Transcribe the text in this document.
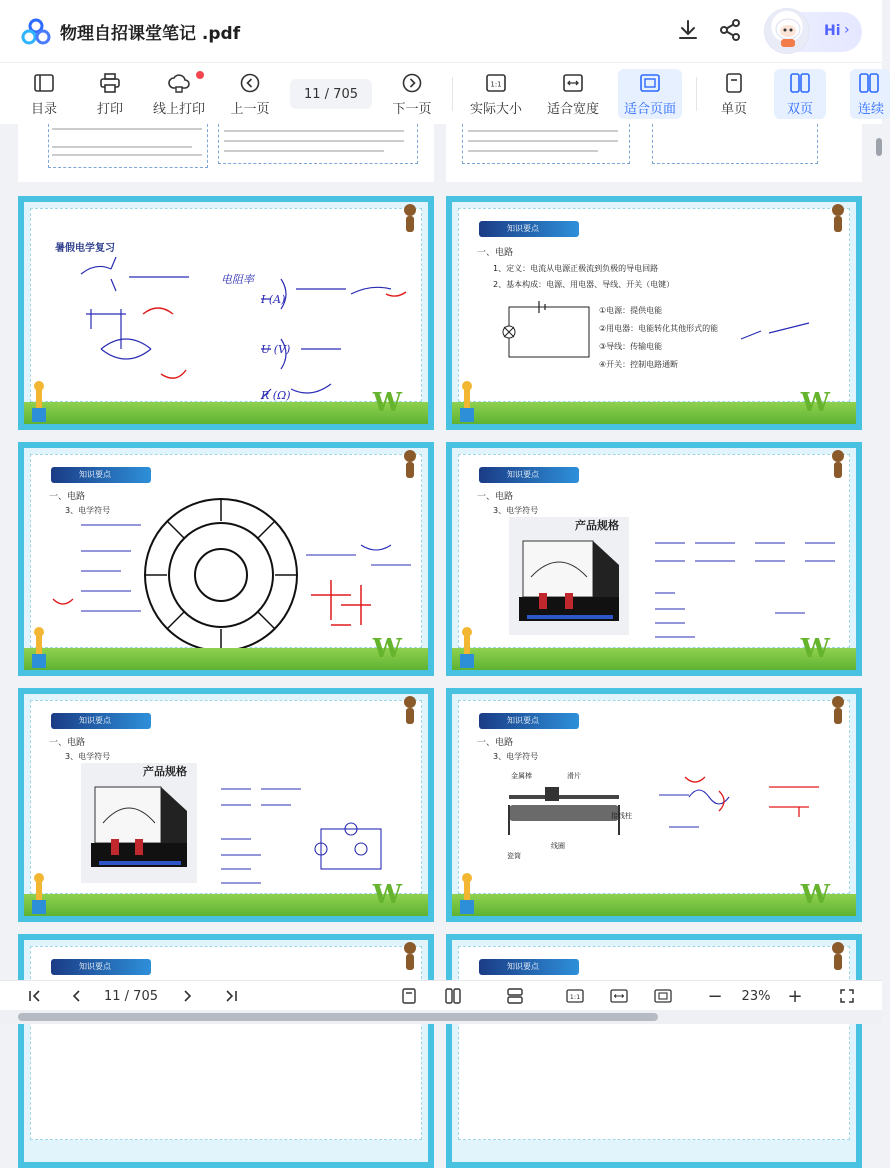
物理自招课堂笔记 .pdf	Hi ›
目录	打印 线上打印 上一页
11 / 705
下一页
1:1
实际大小 适合宽度 适合页面	单页	双页	连续
暑假电学复习
电阻率
I (A)
U (V)
R (Ω)	W
知识要点
一、电路
1、定义：电流从电源正极流到负极的导电回路
2、基本构成：电源、用电器、导线、开关（电键）
①电源：提供电能
②用电器：电能转化其他形式的能
③导线：传输电能
④开关：控制电路通断
W
知识要点
一、电路
3、电学符号
W
知识要点
一、电路
3、电学符号
产品规格
W
知识要点
一、电路
3、电学符号
产品规格
W
知识要点
一、电路
3、电学符号
金属棒	滑片
接线柱
线圈
瓷筒
W
知识要点	知识要点
11 / 705	1:1	−	23% +
